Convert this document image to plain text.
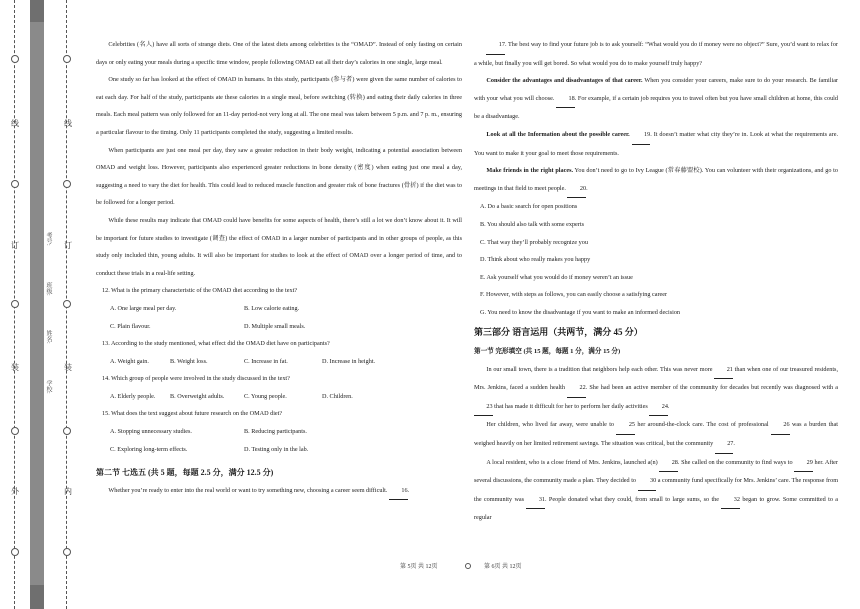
线
订
装
外
线
订
装
内
学校:
姓名:
班级:
考号:

Celebrities (名人) have all sorts of strange diets. One of the latest diets among celebrities is the “OMAD”. Instead of only fasting on certain days or only eating your meals during a specific time window, people following OMAD eat all their day’s calories in one single, large meal.

One study so far has looked at the effect of OMAD in humans. In this study, participants (参与者) were given the same number of calories to eat each day. For half of the study, participants ate these calories in a single meal, before switching (转换) and eating their daily calories in three meals. Each meal pattern was only followed for an 11-day period-not very long at all. The one meal was taken between 5 p.m. and 7 p. m., ensuring a particular flavour to the timing. Only 11 participants completed the study, suggesting a limited results.

When participants are just one meal per day, they saw a greater reduction in their body weight, indicating a potential association between OMAD and weight loss. However, participants also experienced greater reductions in bone density (密度) when eating just one meal a day, suggesting a need to vary the diet for health. This could lead to reduced muscle function and greater risk of bone fractures (骨折) if the diet was to be followed for a longer period.

While these results may indicate that OMAD could have benefits for some aspects of health, there’s still a lot we don’t know about it. It will be important for future studies to investigate (调查) the effect of OMAD in a larger number of participants and in other groups of people, as this study only included thin, young adults. It will also be important for studies to look at the effect of OMAD over a longer period of time, and to conduct these trials in a real-life setting.

12. What is the primary characteristic of the OMAD diet according to the text?
A. One large meal per day.	B. Low calorie eating.
C. Plain flavour.	D. Multiple small meals.
13. According to the study mentioned, what effect did the OMAD diet have on participants?
A. Weight gain.	B. Weight loss.	C. Increase in fat.	D. Increase in height.
14. Which group of people were involved in the study discussed in the text?
A. Elderly people.	B. Overweight adults.	C. Young people.	D. Children.
15. What does the text suggest about future research on the OMAD diet?
A. Stopping unnecessary studies.	B. Reducing participants.
C. Exploring long-term effects.	D. Testing only in the lab.
第二节 七选五 (共 5 题，每题 2.5 分，满分 12.5 分)

Whether you’re ready to enter into the real world or want to try something new, choosing a career seem difficult. 16.

第 5页 共 12页

17. The best way to find your future job is to ask yourself: “What would you do if money were no object?” Sure, you’d want to relax for a while, but finally you will get bored. So what would you do to make yourself truly happy?

Consider the advantages and disadvantages of that career. When you consider your careers, make sure to do your research. Be familiar with your what you will choose. 18. For example, if a certain job requires you to travel often but you have small children at home, this could be a disadvantage.

Look at all the Information about the possible career. 19. It doesn’t matter what city they’re in. Look at what the requirements are. You want to make it your goal to meet those requirements.

Make friends in the right places. You don’t need to go to Ivy League (常春藤盟校). You can volunteer with their organizations, and go to meetings in that field to meet people. 20.

A. Do a basic search for open positions
B. You should also talk with some experts
C. That way they’ll probably recognize you
D. Think about who really makes you happy
E. Ask yourself what you would do if money weren’t an issue
F. However, with steps as follows, you can easily choose a satisfying career
G. You need to know the disadvantage if you want to make an informed decision
第三部分 语言运用（共两节，满分 45 分）
第一节 完形填空 (共 15 题，每题 1 分，满分 15 分)

In our small town, there is a tradition that neighbors help each other. This was never more 21 than when one of our treasured residents, Mrs. Jenkins, faced a sudden health 22. She had been an active member of the community for decades but recently was diagnosed with a 23 that has made it difficult for her to perform her daily activities 24.

Her children, who lived far away, were unable to 25 her around-the-clock care. The cost of professional 26 was a burden that weighed heavily on her limited retirement savings. The situation was critical, but the community 27.

A local resident, who is a close friend of Mrs. Jenkins, launched a(n) 28. She called on the community to find ways to 29 her. After several discussions, the community made a plan. They decided to 30 a community fund specifically for Mrs. Jenkins’ care. The response from the community was 31. People donated what they could, from small to large sums, so the 32 began to grow. Some committed to a regular

第 6页 共 12页
